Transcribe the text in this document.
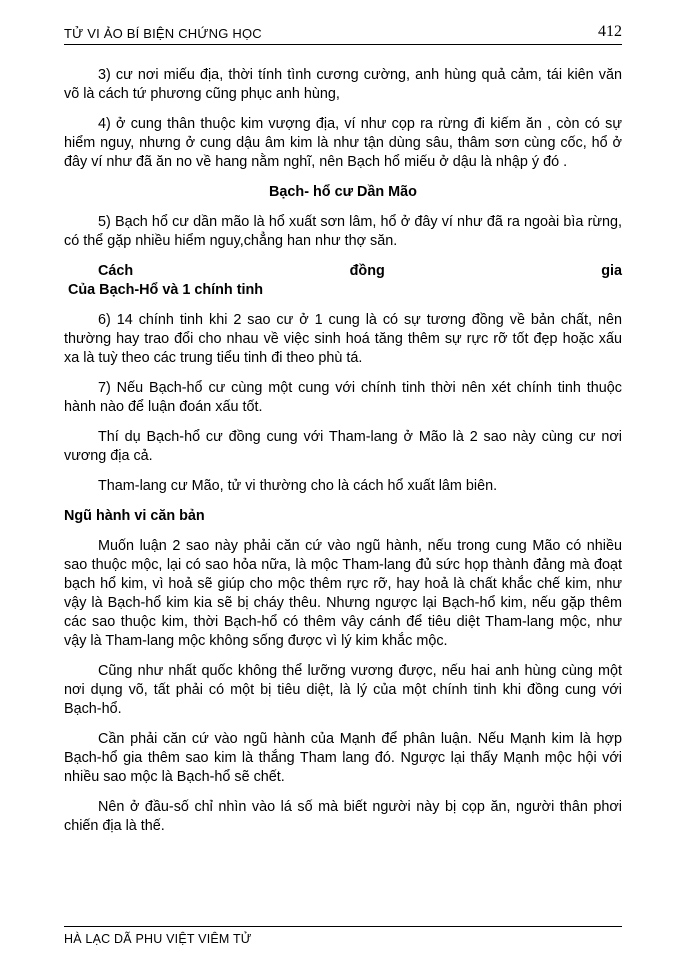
TỬ VI ẢO BÍ BIỆN CHỨNG HỌC	412

3) cư nơi miếu địa, thời tính tình cương cường, anh hùng quả cảm, tái kiên văn võ là cách tứ phương cũng phục anh hùng,

4) ở cung thân thuộc kim vượng địa, ví như cọp ra rừng đi kiếm ăn , còn có sự hiểm nguy, nhưng ở cung dậu âm kim là như tận dùng sâu, thâm sơn cùng cốc, hổ ở đây ví như đã ăn no về hang nằm nghĩ, nên Bạch hổ miếu ở dậu là nhập ý đó .

Bạch- hổ cư Dần Mão

5) Bạch hổ cư dần mão là hổ xuất sơn lâm, hổ ở đây ví như đã ra ngoài bìa rừng, có thể gặp nhiều hiểm nguy,chẳng han như thợ săn.

Cách	đồng	gia
Của Bạch-Hổ và 1 chính tinh

6) 14 chính tinh khi 2 sao cư ở 1 cung là có sự tương đồng về bản chất, nên thường hay trao đổi cho nhau về việc sinh hoá tăng thêm sự rực rỡ tốt đẹp hoặc xấu xa là tuỳ theo các trung tiểu tinh đi theo phù tá.

7) Nếu Bạch-hổ cư cùng một cung với chính tinh thời nên xét chính tinh thuộc hành nào để luận đoán xấu tốt.

Thí dụ Bạch-hổ cư đồng cung với Tham-lang ở Mão là 2 sao này cùng cư nơi vương địa cả.

Tham-lang cư Mão, tử vi thường cho là cách hổ xuất lâm biên.

Ngũ hành vi căn bản

Muốn luận 2 sao này phải căn cứ vào ngũ hành, nếu trong cung Mão có nhiều sao thuộc mộc, lại có sao hỏa nữa, là mộc Tham-lang đủ sức họp thành đảng mà đoạt bạch hổ kim, vì hoả sẽ giúp cho mộc thêm rực rỡ, hay hoả là chất khắc chế kim, như vậy là Bạch-hổ kim kia sẽ bị cháy thêu. Nhưng ngược lại Bạch-hổ kim, nếu gặp thêm các sao thuộc kim, thời Bạch-hổ có thêm vây cánh để tiêu diệt Tham-lang mộc, như vậy là Tham-lang mộc không sống được vì lý kim khắc mộc.

Cũng như nhất quốc không thể lưỡng vương được, nếu hai anh hùng cùng một nơi dụng võ, tất phải có một bị tiêu diệt, là lý của một chính tinh khi đồng cung với Bạch-hổ.

Cần phải căn cứ vào ngũ hành của Mạnh để phân luận. Nếu Mạnh kim là hợp Bạch-hổ gia thêm sao kim là thắng Tham lang đó. Ngược lại thấy Mạnh mộc hội với nhiều sao mộc là Bạch-hổ sẽ chết.

Nên ở đầu-số chỉ nhìn vào lá số mà biết người này bị cọp ăn, người thân phơi chiến địa là thế.

HÀ LẠC DÃ PHU VIỆT VIÊM TỬ
